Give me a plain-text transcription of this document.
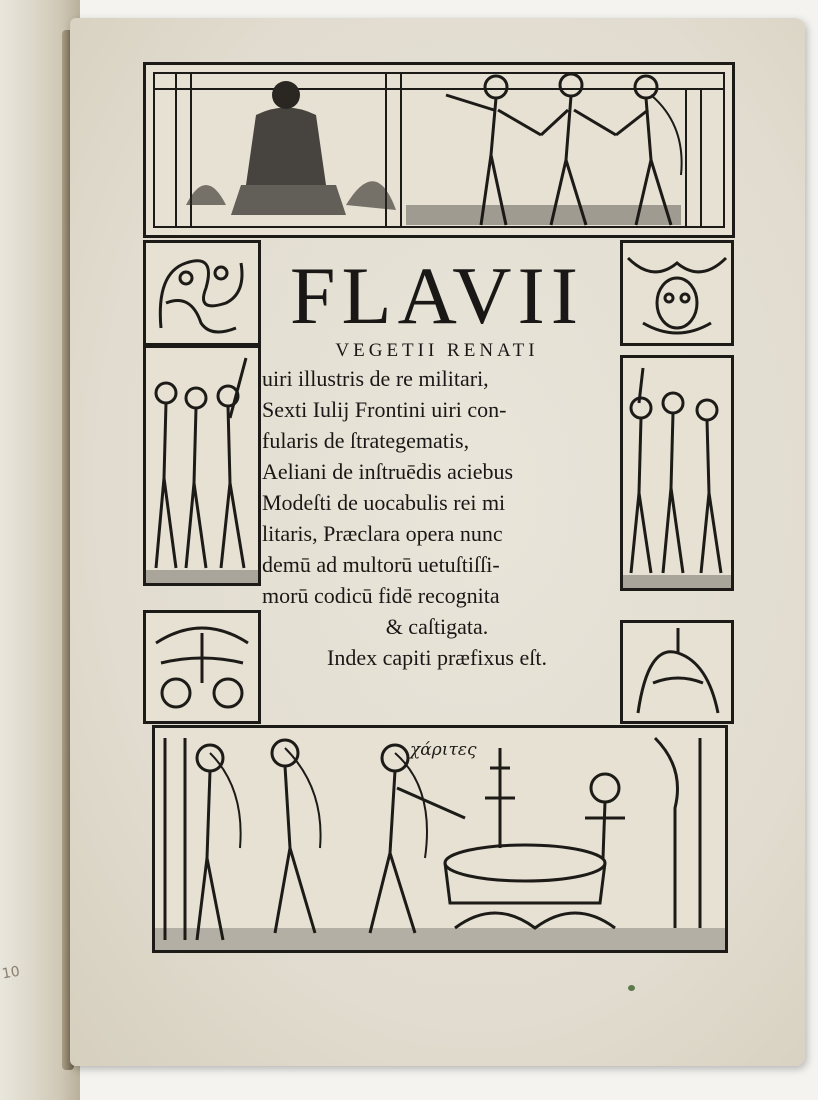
10
χάριτες
FLAVII
VEGETII RENATI
uiri illustris de re militari,
Sexti Iulij Frontini uiri con-
fularis de ſtrategematis,
Aeliani de inſtruēdis aciebus
Modeſti de uocabulis rei mi
litaris, Præclara opera nunc
demū ad multorū uetuſtiſſi-
morū codicū fidē recognita
& caſtigata.
Index capiti præfixus eſt.
